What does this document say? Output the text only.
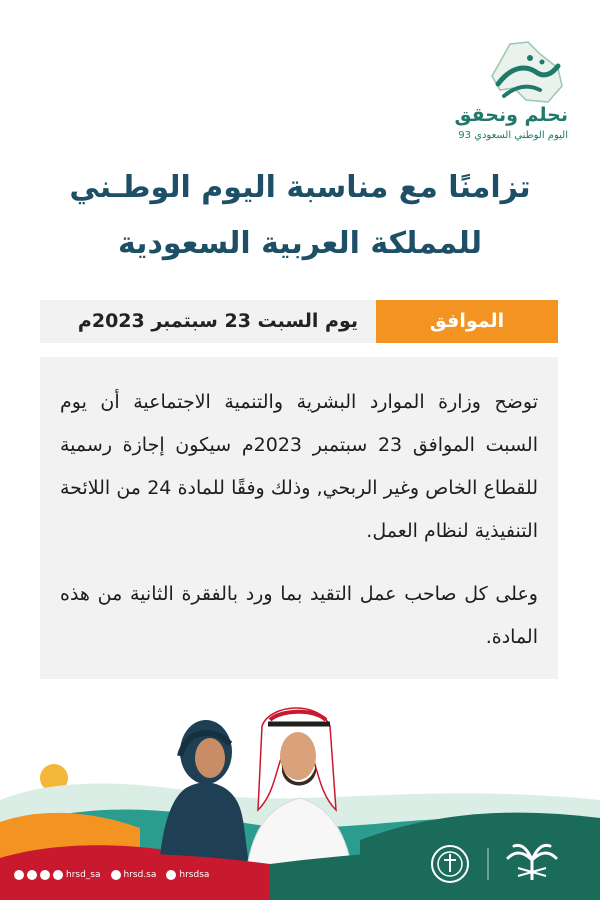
نحلم ونحقق
اليوم الوطني السعودي 93
تزامنًا مع مناسبة اليوم الوطـني
للمملكة العربية السعودية
يوم السبت 23 سبتمبر 2023م	الموافق

توضح وزارة الموارد البشرية والتنمية الاجتماعية أن يوم السبت الموافق 23 سبتمبر 2023م سيكون إجازة رسمية للقطاع الخاص وغير الربحي, وذلك وفقًا للمادة 24 من اللائحة التنفيذية لنظام العمل.

وعلى كل صاحب عمل التقيد بما ورد بالفقرة الثانية من هذه المادة.

hrsd_sa	hrsd.sa	hrsdsa
